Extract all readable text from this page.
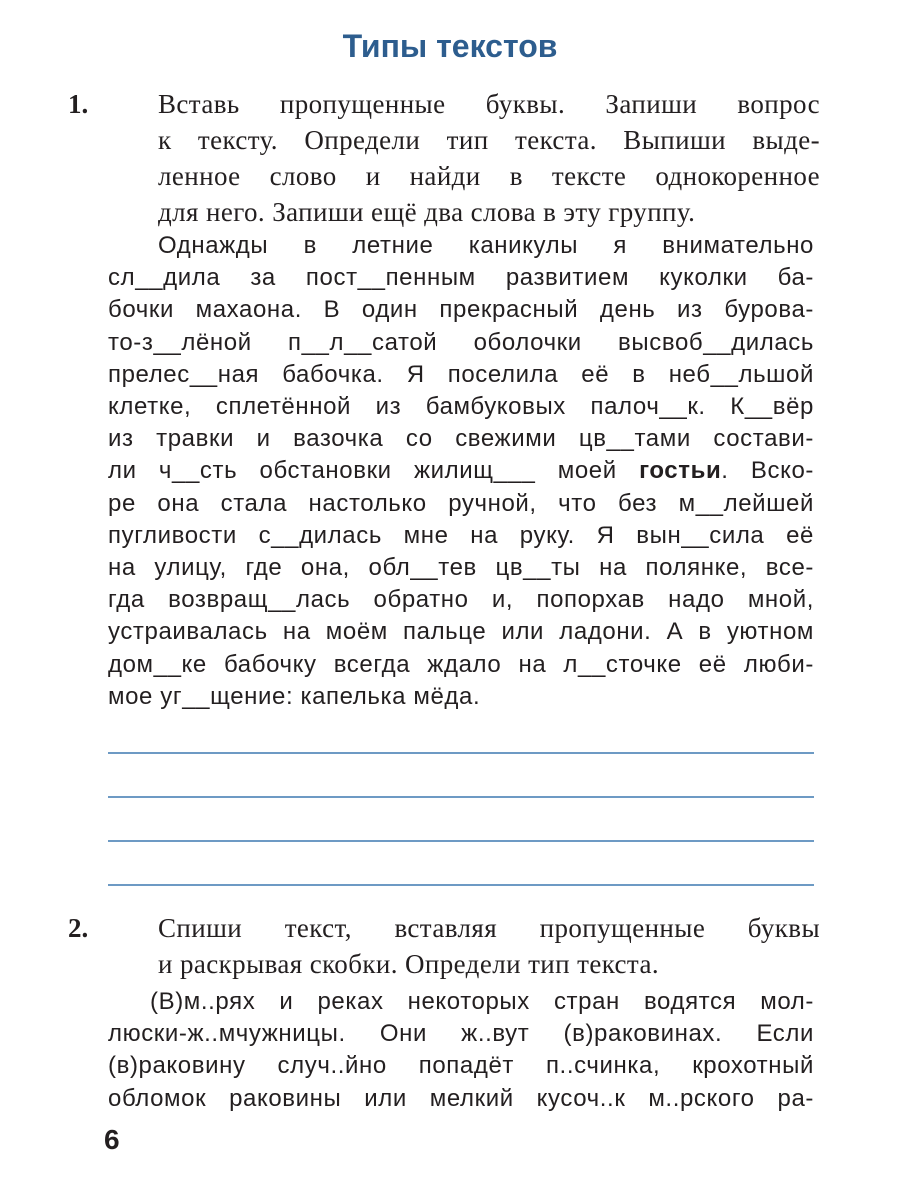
Типы текстов
1.	Вставь пропущенные буквы. Запиши вопрос
к тексту. Определи тип текста. Выпиши выде-
ленное слово и найди в тексте однокоренное
для него. Запиши ещё два слова в эту группу.
Однажды в летние каникулы я внимательно
сл__дила за пост__пенным развитием куколки ба-
бочки махаона. В один прекрасный день из бурова-
то-з__лёной п__л__сатой оболочки высвоб__дилась
прелес__ная бабочка. Я поселила её в неб__льшой
клетке, сплетённой из бамбуковых палоч__к. К__вёр
из травки и вазочка со свежими цв__тами состави-
ли ч__сть обстановки жилищ___ моей гостьи. Вско-
ре она стала настолько ручной, что без м__лейшей
пугливости с__дилась мне на руку. Я вын__сила её
на улицу, где она, обл__тев цв__ты на полянке, все-
гда возвращ__лась обратно и, попорхав надо мной,
устраивалась на моём пальце или ладони. А в уютном
дом__ке бабочку всегда ждало на л__сточке её люби-
мое уг__щение: капелька мёда.
2.	Спиши текст, вставляя пропущенные буквы
и раскрывая скобки. Определи тип текста.
(В)м..рях и реках некоторых стран водятся мол-
люски-ж..мчужницы. Они ж..вут (в)раковинах. Если
(в)раковину случ..йно попадёт п..счинка, крохотный
обломок раковины или мелкий кусоч..к м..рского ра-
6
